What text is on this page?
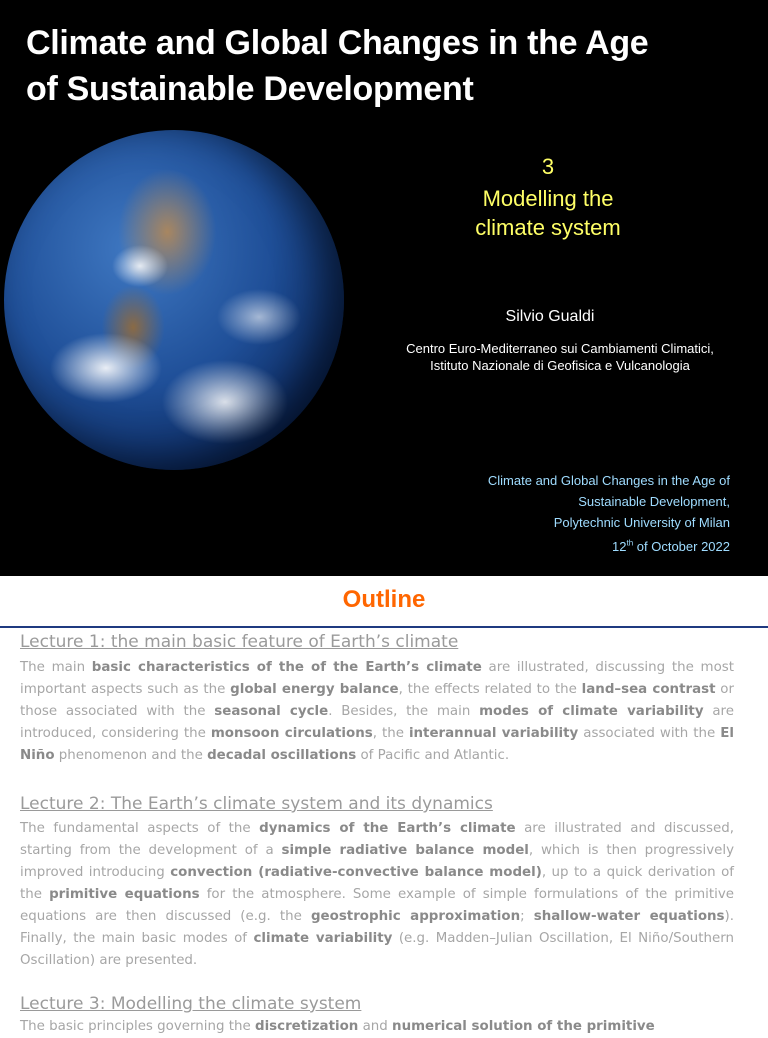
Climate and Global Changes in the Age
of Sustainable Development
3
Modelling the
climate system
Silvio Gualdi
Centro Euro-Mediterraneo sui Cambiamenti Climatici,
Istituto Nazionale di Geofisica e Vulcanologia
Climate and Global Changes in the Age of
Sustainable Development,
Polytechnic University of Milan
12th of October 2022
Outline
Lecture 1: the main basic feature of Earth’s climate
The main basic characteristics of the of the Earth’s climate are illustrated, discussing the most important aspects such as the global energy balance, the effects related to the land–sea contrast or those associated with the seasonal cycle. Besides, the main modes of climate variability are introduced, considering the monsoon circulations, the interannual variability associated with the El Niño phenomenon and the decadal oscillations of Pacific and Atlantic.
Lecture 2: The Earth’s climate system and its dynamics
The fundamental aspects of the dynamics of the Earth’s climate are illustrated and discussed, starting from the development of a simple radiative balance model, which is then progressively improved introducing convection (radiative-convective balance model), up to a quick derivation of the primitive equations for the atmosphere. Some example of simple formulations of the primitive equations are then discussed (e.g. the geostrophic approximation; shallow-water equations). Finally, the main basic modes of climate variability (e.g. Madden–Julian Oscillation, El Niño/Southern Oscillation) are presented.
Lecture 3: Modelling the climate system
The basic principles governing the discretization and numerical solution of the primitive
